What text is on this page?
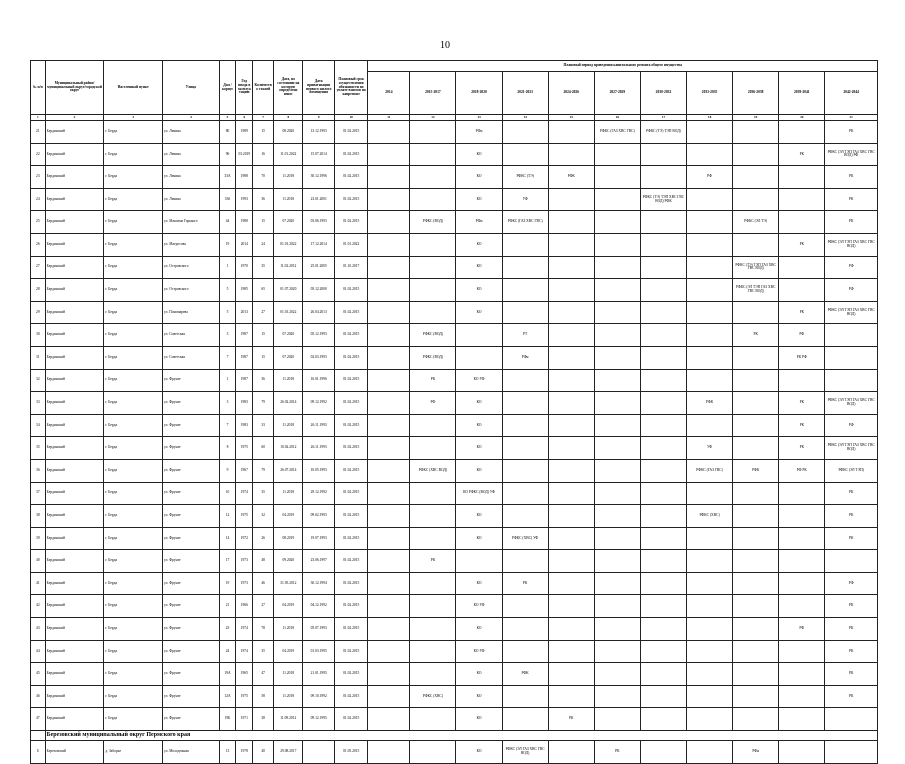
10
№ п/п	Муниципальный район/ муниципальный округ/городской округ	Населенный пункт	Улица	Дом / корпус	Год ввода в эксплуатацию	Количество этажей	Дата, по состоянию на которую определено износ	Дата приватизации первого жилого помещения	Плановый срок осуществления обязанности по уплате взносов на капремонт	Плановый период проведения капитального ремонта общего имущества										
										2014	2015-2017	2018-2020	2021-2023	2024-2026	2027-2029	2030-2032	2033-2035	2036-2038	2039-2041	2042-2044
1	2	3	4	5	6	7	8	9	10	11	12	13	14	15	16	17	18	19	20	21
21	Бердинский	г. Берда	ул. Ленина	80	1989	15	08.2020	13.12.1993	01.02.2015			РФн			РФКС (ГАЗ ХВС ГВС)	РФКС (ТЭ) ТЭП ВОД)				РК
22	Бердинский	г. Берда	ул. Ленина	96	03.2019	16	11.01.2022	15.07.2014	01.02.2015			КО							РК	РФКС (ЭЛ ТЭП ГАЗ ХВС ГВС ВОД) РФ
23	Бердинский	г. Берда	ул. Ленина	33А	1988	70	11.2018	30.12.1996	01.02.2015			КО	РФКС (ТЭ)	РФК			РФ			РК
24	Бердинский	г. Берда	ул. Ленина	33б	1993	36	11.2018	23.01.2001	01.02.2015			КО	УФ			РФКС (ТЭ) ТЭП ХВС ГВС ВОД) РФК				РК
25	Бердинский	г. Берда	ул. Максима Горького	44	1988	15	07.2020	03.06.1993	01.02.2015		РФКС (ВОД)	РФн	РФКС (ГАЗ ХВС ГВС)					РФКС (ЭЛ ТЭ)		РК
26	Бердинский	г. Берда	ул. Матросова	19	2014	24	01.01.2022	17.12.2014	01.01.2022			КО							РК	РФКС (ЭЛ ТЭП ГАЗ ХВС ГВС ВОД)
27	Бердинский	г. Берда	ул. Островского	1	1970	35	11.02.2012	25.01.2005	01.10.2017			КО						РФКС (ТЭ) ТЭП ГАЗ ХВС ГВС ВОД)		РФ
28	Бердинский	г. Берда	ул. Островского	5	1985	65	01.07.2020	05.12.2000	01.02.2015			КО						РФКС (ЭЛ ТЭП ГАЗ ХВС ГВС ВОД)		РФ
29	Бердинский	г. Берда	ул. Пономарева	5	2013	27	01.01.2022	26.04.2013	01.02.2015			КО							РК	РФКС (ЭЛ ТЭП ГАЗ ХВС ГВС ВОД)
30	Бердинский	г. Берда	ул. Советская	3	1987	15	07.2020	05.12.1993	01.02.2015		РФКС (ВОД)		РТ					РК	РФ	
31	Бердинский	г. Берда	ул. Советская	7	1987	15	07.2020	02.03.1993	01.02.2015		РФКС (ВОД)		РФн						РК РФ	
32	Бердинский	г. Берда	ул. Фрунзе	1	1987	36	11.2018	16.01.1996	01.02.2015		РК	КО УФ								
33	Бердинский	г. Берда	ул. Фрунзе	3	1983	79	26.02.2014	09.12.1992	01.02.2015		РФ	КО					РФК		РК	РФКС (ЭЛ ТЭП ГАЗ ХВС ГВС ВОД)
34	Бердинский	г. Берда	ул. Фрунзе	7	1983	33	11.2018	26.11.1993	01.02.2015			КО							РК	РФ
35	Бердинский	г. Берда	ул. Фрунзе	8	1975	60	10.02.2012	26.11.1993	01.02.2015			КО					УФ		РК	РФКС (ЭЛ ТЭП ГАЗ ХВС ГВС ВОД)
36	Бердинский	г. Берда	ул. Фрунзе	9	1967	79	26.07.2014	10.05.1993	01.02.2015		РФКС (ХВС ВОД)	КО					РФКС (ГАЗ ГВС)	РФК	РФ РК	РФКС (ЭЛ ТЭП)
37	Бердинский	г. Берда	ул. Фрунзе	10	1974	35	11.2018	29.12.1992	01.02.2015			КО РФКС (ВОД) УФ								РК
38	Бердинский	г. Берда	ул. Фрунзе	12	1975	32	04.2019	09.02.1993	01.02.2015			КО					РФКС (ХВС)			РК
39	Бердинский	г. Берда	ул. Фрунзе	14	1972	26	08.2019	19.07.1993	01.02.2015			КО	РФКС (ХВС) УФ							РК
40	Бердинский	г. Берда	ул. Фрунзе	17	1973	48	09.2020	23.06.1997	01.02.2015		РК									
41	Бердинский	г. Берда	ул. Фрунзе	19	1973	46	31.05.2012	30.12.1994	01.02.2015			КО	РК							РФ
42	Бердинский	г. Берда	ул. Фрунзе	21	1966	27	04.2019	04.12.1992	01.02.2015			КО УФ								РК
43	Бердинский	г. Берда	ул. Фрунзе	23	1974	78	11.2018	05.07.1993	01.02.2015			КО							РФ	РК
44	Бердинский	г. Берда	ул. Фрунзе	24	1974	35	04.2019	01.03.1995	01.02.2015			КО УФ								РК
45	Бердинский	г. Берда	ул. Фрунзе	19А	1965	47	11.2018	21.01.1995	01.02.2015			КО	РФК							РК
46	Бердинский	г. Берда	ул. Фрунзе	12А	1975	58	11.2018	09.10.1992	01.02.2015		РФКС (ХВС)	КО								РК
47	Бердинский	г. Берда	ул. Фрунзе	19Б	1971	38	11.09.2012	09.12.1995	01.02.2015			КО		РК						
	Березовский муниципальный округ Пермского края																			
1	Березовский	д. Заборье	ул. Молодежная	13	1978	40	29.08.2017		01.05.2015			КО	РФКС (ЭЛ ГАЗ ХВС ГВС ВОД)		РК			РФн		
